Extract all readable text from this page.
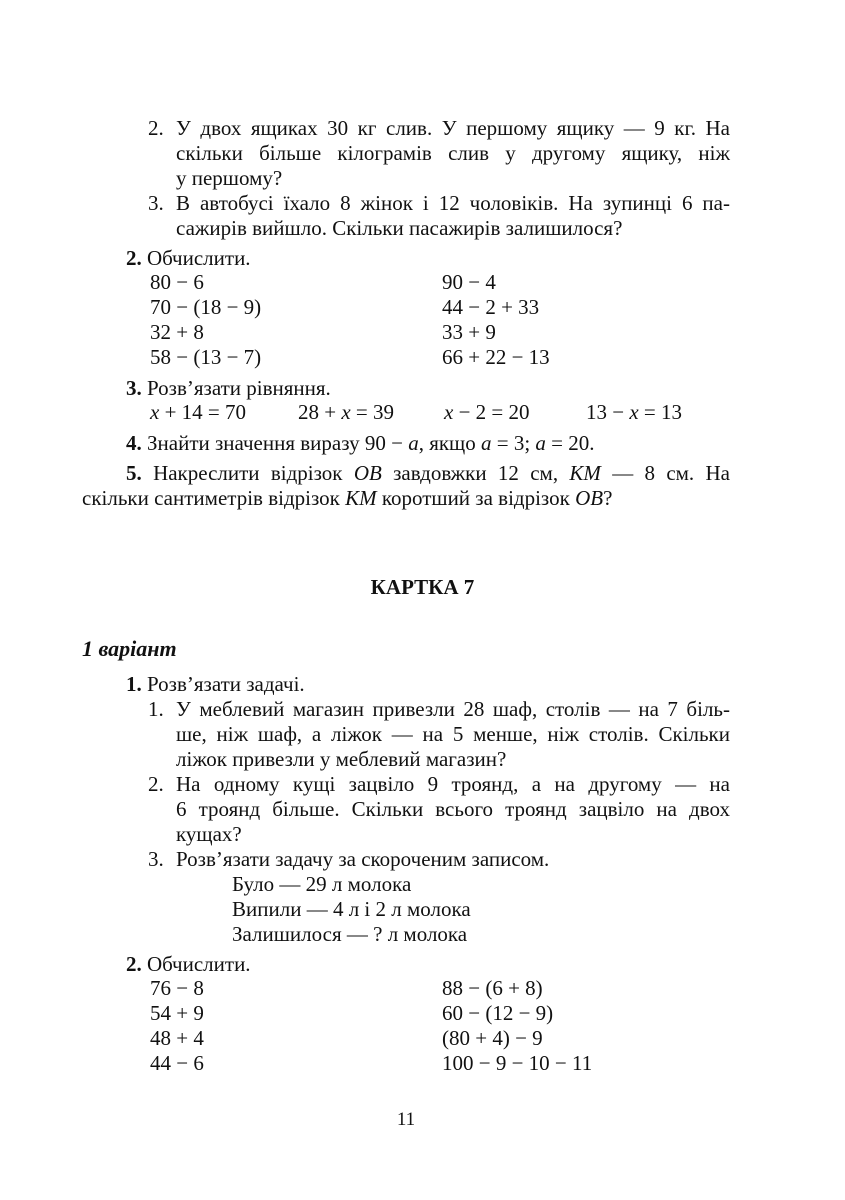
2. У двох ящиках 30 кг слив. У першому ящику — 9 кг. На
скільки більше кілограмів слив у другому ящику, ніж
у першому?
3. В автобусі їхало 8 жінок і 12 чоловіків. На зупинці 6 па-
сажирів вийшло. Скільки пасажирів залишилося?
2. Обчислити.
80 − 6
70 − (18 − 9)
32 + 8
58 − (13 − 7)
90 − 4
44 − 2 + 33
33 + 9
66 + 22 − 13
3. Розв’язати рівняння.
x + 14 = 70 28 + x = 39 x − 2 = 20	13 − x = 13
4. Знайти значення виразу 90 − a, якщо a = 3; a = 20.
5. Накреслити відрізок OB завдовжки 12 см, KM — 8 см. На
скільки сантиметрів відрізок KM коротший за відрізок OB?
КАРТКА 7
1 варіант
1. Розв’язати задачі.
1. У меблевий магазин привезли 28 шаф, столів — на 7 біль-
ше, ніж шаф, а ліжок — на 5 менше, ніж столів. Скільки
ліжок привезли у меблевий магазин?
2. На одному кущі зацвіло 9 троянд, а на другому — на
6 троянд більше. Скільки всього троянд зацвіло на двох
кущах?
3. Розв’язати задачу за скороченим записом.
Було — 29 л молока
Випили — 4 л і 2 л молока
Залишилося — ? л молока
2. Обчислити.
76 − 8
54 + 9
48 + 4
44 − 6
88 − (6 + 8)
60 − (12 − 9)
(80 + 4) − 9
100 − 9 − 10 − 11
11
